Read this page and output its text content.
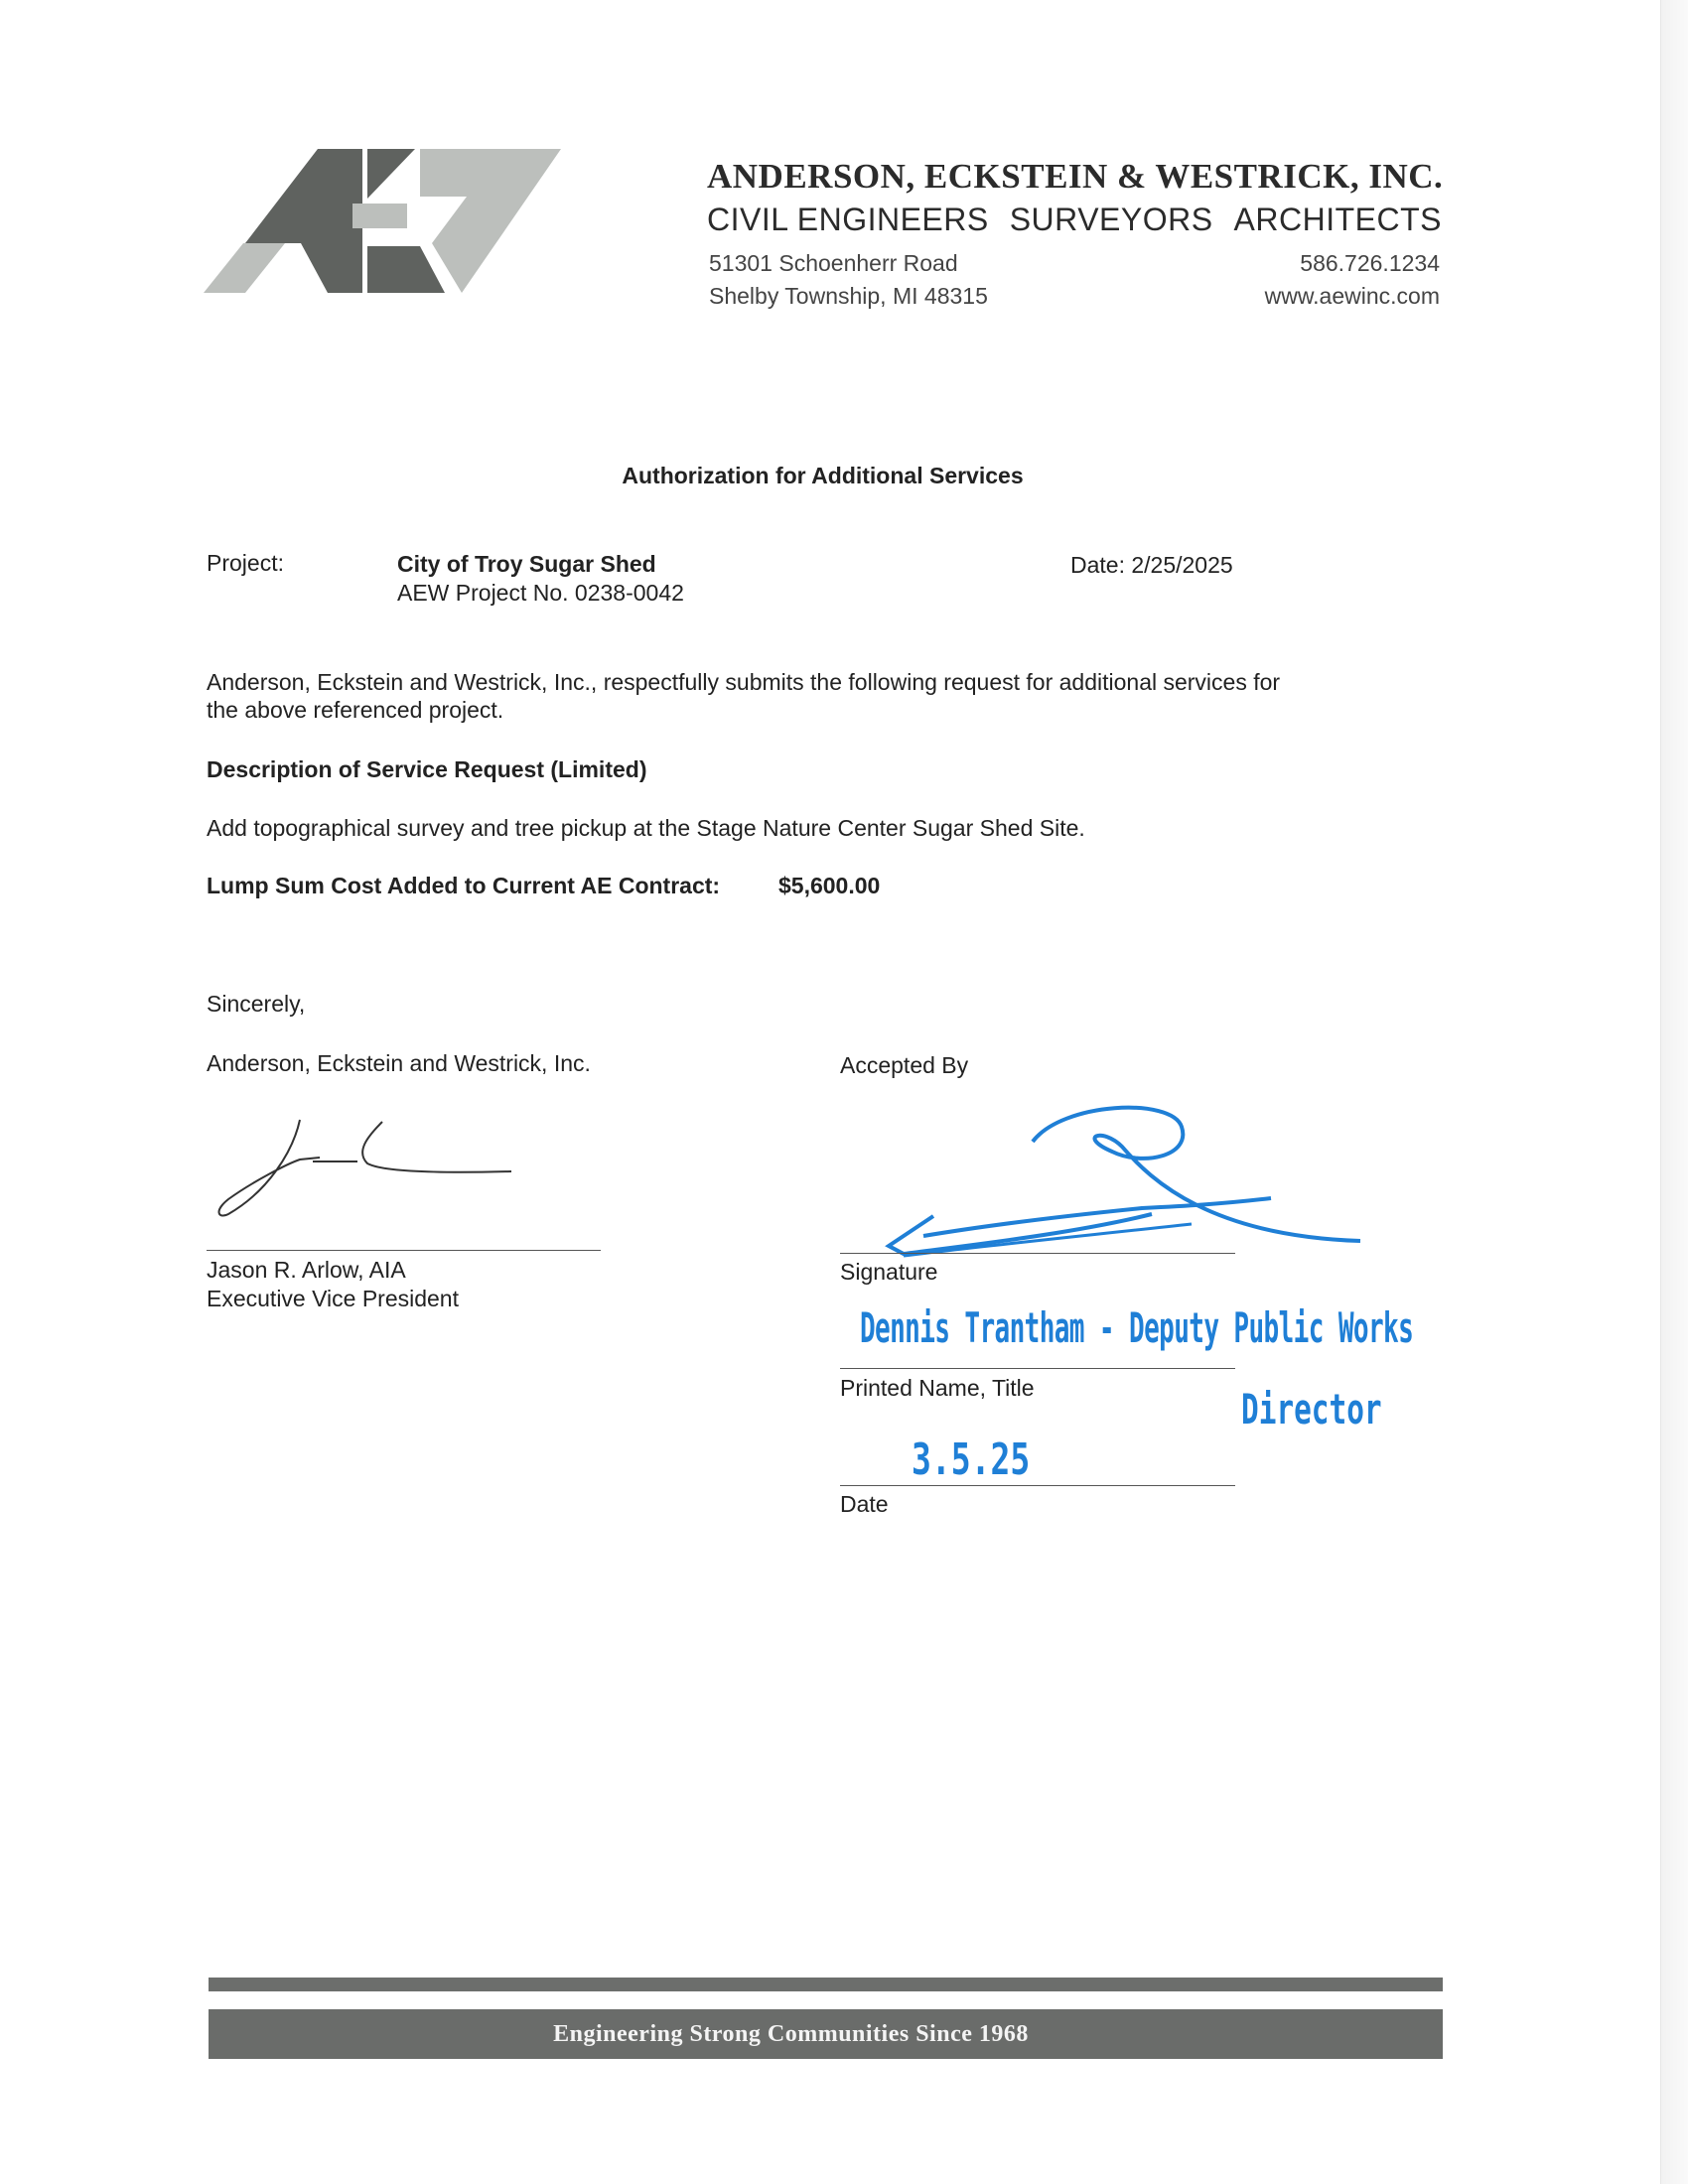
ANDERSON, ECKSTEIN & WESTRICK, INC.
CIVIL ENGINEERS SURVEYORS ARCHITECTS
51301 Schoenherr Road
Shelby Township, MI 48315
586.726.1234
www.aewinc.com
Authorization for Additional Services
Project:	City of Troy Sugar Shed
AEW Project No. 0238-0042
Date: 2/25/2025
Anderson, Eckstein and Westrick, Inc., respectfully submits the following request for additional services for
the above referenced project.
Description of Service Request (Limited)
Add topographical survey and tree pickup at the Stage Nature Center Sugar Shed Site.
Lump Sum Cost Added to Current AE Contract:	$5,600.00
Sincerely,
Anderson, Eckstein and Westrick, Inc.	Accepted By
Jason R. Arlow, AIA
Executive Vice President
Signature
Dennis Trantham - Deputy Public Works
Printed Name, Title	Director
3.5.25
Date
Engineering Strong Communities Since 1968
